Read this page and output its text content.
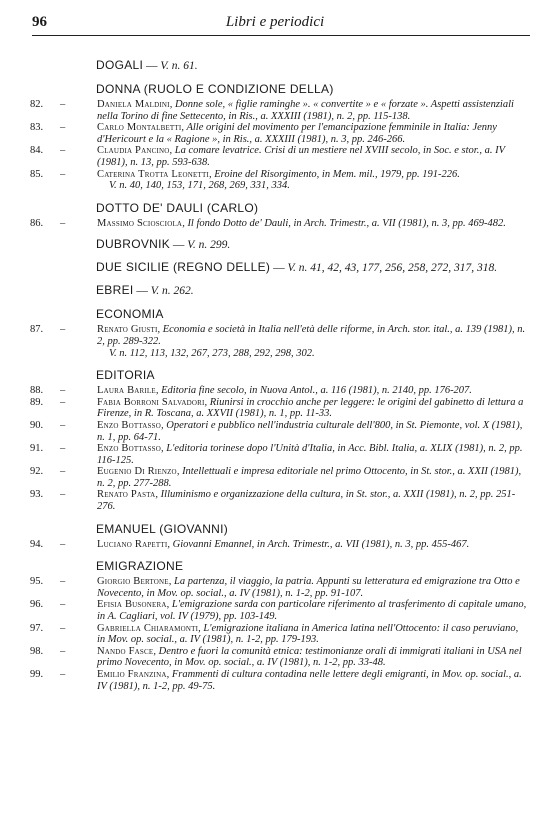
96	Libri e periodici
DOGALI — V. n. 61.
DONNA (RUOLO E CONDIZIONE DELLA)
82. –	Daniela Maldini, Donne sole, « figlie raminghe ». « convertite » e « forzate ». Aspetti assistenziali nella Torino di fine Settecento, in Ris., a. XXXIII (1981), n. 2, pp. 115-138.
83. –	Carlo Montalbetti, Alle origini del movimento per l'emancipazione femminile in Italia: Jenny d'Hericourt e la « Ragione », in Ris., a. XXXIII (1981), n. 3, pp. 246-266.
84. –	Claudia Pancino, La comare levatrice. Crisi di un mestiere nel XVIII secolo, in Soc. e stor., a. IV (1981), n. 13, pp. 593-638.
85. –	Caterina Trotta Leonetti, Eroine del Risorgimento, in Mem. mil., 1979, pp. 191-226.
V. n. 40, 140, 153, 171, 268, 269, 331, 334.
DOTTO DE' DAULI (CARLO)
86. –	Massimo Sciosciola, Il fondo Dotto de' Dauli, in Arch. Trimestr., a. VII (1981), n. 3, pp. 469-482.
DUBROVNIK — V. n. 299.
DUE SICILIE (REGNO DELLE) — V. n. 41, 42, 43, 177, 256, 258, 272, 317, 318.
EBREI — V. n. 262.
ECONOMIA
87. –	Renato Giusti, Economia e società in Italia nell'età delle riforme, in Arch. stor. ital., a. 139 (1981), n. 2, pp. 289-322.
V. n. 112, 113, 132, 267, 273, 288, 292, 298, 302.
EDITORIA
88. –	Laura Barile, Editoria fine secolo, in Nuova Antol., a. 116 (1981), n. 2140, pp. 176-207.
89. –	Fabia Borroni Salvadori, Riunirsi in crocchio anche per leggere: le origini del gabinetto di lettura a Firenze, in R. Toscana, a. XXVII (1981), n. 1, pp. 11-33.
90. –	Enzo Bottasso, Operatori e pubblico nell'industria culturale dell'800, in St. Piemonte, vol. X (1981), n. 1, pp. 64-71.
91. –	Enzo Bottasso, L'editoria torinese dopo l'Unità d'Italia, in Acc. Bibl. Italia, a. XLIX (1981), n. 2, pp. 116-125.
92. –	Eugenio Di Rienzo, Intellettuali e impresa editoriale nel primo Ottocento, in St. stor., a. XXII (1981), n. 2, pp. 277-288.
93. –	Renato Pasta, Illuminismo e organizzazione della cultura, in St. stor., a. XXII (1981), n. 2, pp. 251-276.
EMANUEL (GIOVANNI)
94. –	Luciano Rapetti, Giovanni Emannel, in Arch. Trimestr., a. VII (1981), n. 3, pp. 455-467.
EMIGRAZIONE
95. –	Giorgio Bertone, La partenza, il viaggio, la patria. Appunti su letteratura ed emigrazione tra Otto e Novecento, in Mov. op. social., a. IV (1981), n. 1-2, pp. 91-107.
96. –	Efisia Busonera, L'emigrazione sarda con particolare riferimento al trasferimento di capitale umano, in A. Cagliari, vol. IV (1979), pp. 103-149.
97. –	Gabriella Chiaramonti, L'emigrazione italiana in America latina nell'Ottocento: il caso peruviano, in Mov. op. social., a. IV (1981), n. 1-2, pp. 179-193.
98. –	Nando Fasce, Dentro e fuori la comunità etnica: testimonianze orali di immigrati italiani in USA nel primo Novecento, in Mov. op. social., a. IV (1981), n. 1-2, pp. 33-48.
99. –	Emilio Franzina, Frammenti di cultura contadina nelle lettere degli emigranti, in Mov. op. social., a. IV (1981), n. 1-2, pp. 49-75.
